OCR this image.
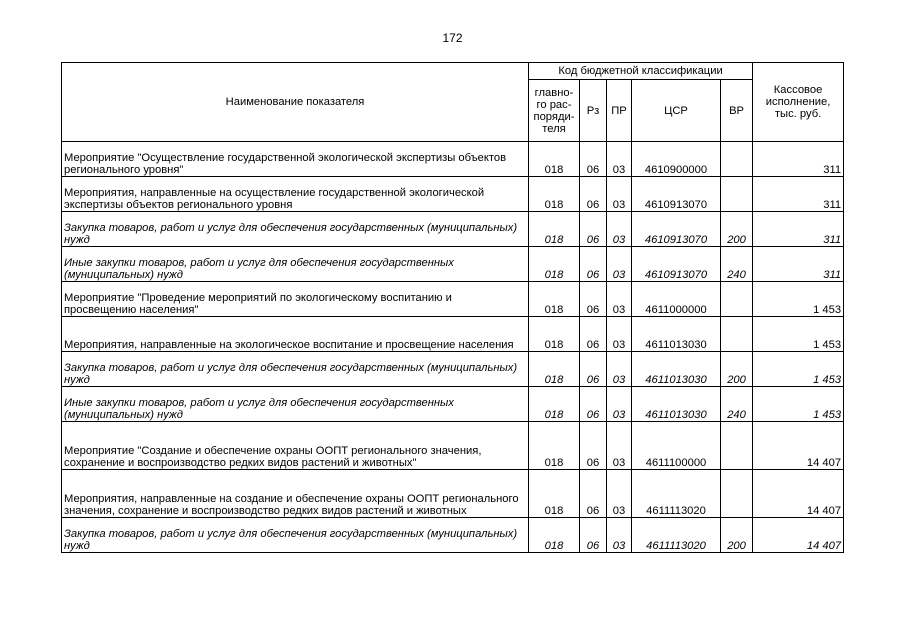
172
Наименование показателя	Код бюджетной классификации					Кассовое исполнение, тыс. руб.
	главно-го рас-поряди-теля	Рз	ПР	ЦСР	ВР	
Мероприятие "Осуществление государственной экологической экспертизы объектов регионального уровня"	018	06	03	4610900000		311
Мероприятия, направленные на осуществление государственной экологической экспертизы объектов регионального уровня	018	06	03	4610913070		311
Закупка товаров, работ и услуг для обеспечения государственных (муниципальных) нужд	018	06	03	4610913070	200	311
Иные закупки товаров, работ и услуг для обеспечения государственных (муниципальных) нужд	018	06	03	4610913070	240	311
Мероприятие "Проведение мероприятий по экологическому воспитанию и просвещению населения"	018	06	03	4611000000		1 453
Мероприятия, направленные на экологическое воспитание и просвещение населения	018	06	03	4611013030		1 453
Закупка товаров, работ и услуг для обеспечения государственных (муниципальных) нужд	018	06	03	4611013030	200	1 453
Иные закупки товаров, работ и услуг для обеспечения государственных (муниципальных) нужд	018	06	03	4611013030	240	1 453
Мероприятие "Создание и обеспечение охраны ООПТ регионального значения, сохранение и воспроизводство редких видов растений и животных"	018	06	03	4611100000		14 407
Мероприятия, направленные на создание и обеспечение охраны ООПТ регионального значения, сохранение и воспроизводство редких видов растений и животных	018	06	03	4611113020		14 407
Закупка товаров, работ и услуг для обеспечения государственных (муниципальных) нужд	018	06	03	4611113020	200	14 407
